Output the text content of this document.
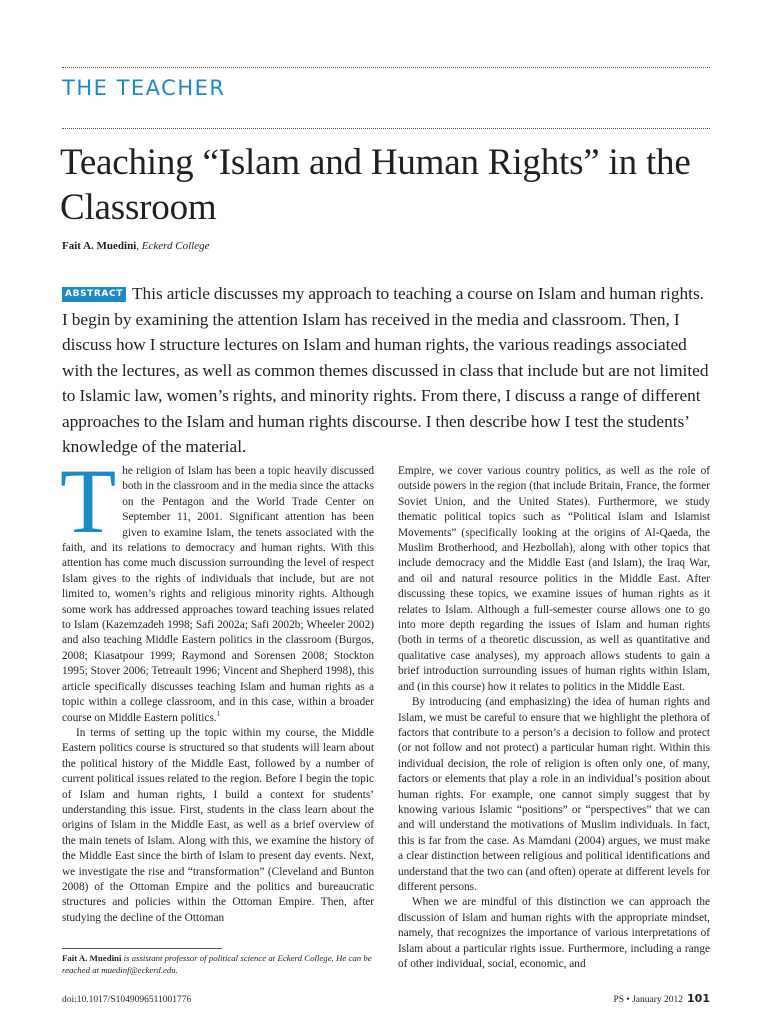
THE TEACHER
Teaching “Islam and Human Rights” in the Classroom

Fait A. Muedini, Eckerd College

ABSTRACT This article discusses my approach to teaching a course on Islam and human rights. I begin by examining the attention Islam has received in the media and classroom. Then, I discuss how I structure lectures on Islam and human rights, the various readings associated with the lectures, as well as common themes discussed in class that include but are not limited to Islamic law, women’s rights, and minority rights. From there, I discuss a range of different approaches to the Islam and human rights discourse. I then describe how I test the students’ knowledge of the material.

The religion of Islam has been a topic heavily discussed both in the classroom and in the media since the attacks on the Pentagon and the World Trade Center on September 11, 2001. Significant attention has been given to examine Islam, the tenets associated with the faith, and its relations to democracy and human rights. With this attention has come much discussion surrounding the level of respect Islam gives to the rights of individuals that include, but are not limited to, women’s rights and religious minority rights. Although some work has addressed approaches toward teaching issues related to Islam (Kazemzadeh 1998; Safi 2002a; Safi 2002b; Wheeler 2002) and also teaching Middle Eastern politics in the classroom (Burgos, 2008; Kiasatpour 1999; Raymond and Sorensen 2008; Stockton 1995; Stover 2006; Tetreault 1996; Vincent and Shepherd 1998), this article specifically discusses teaching Islam and human rights as a topic within a college classroom, and in this case, within a broader course on Middle Eastern politics.$^1$

In terms of setting up the topic within my course, the Middle Eastern politics course is structured so that students will learn about the political history of the Middle East, followed by a number of current political issues related to the region. Before I begin the topic of Islam and human rights, I build a context for students’ understanding this issue. First, students in the class learn about the origins of Islam in the Middle East, as well as a brief overview of the main tenets of Islam. Along with this, we examine the history of the Middle East since the birth of Islam to present day events. Next, we investigate the rise and “transformation” (Cleveland and Bunton 2008) of the Ottoman Empire and the politics and bureaucratic structures and policies within the Ottoman Empire. Then, after studying the decline of the Ottoman

Empire, we cover various country politics, as well as the role of outside powers in the region (that include Britain, France, the former Soviet Union, and the United States). Furthermore, we study thematic political topics such as “Political Islam and Islamist Movements” (specifically looking at the origins of Al-Qaeda, the Muslim Brotherhood, and Hezbollah), along with other topics that include democracy and the Middle East (and Islam), the Iraq War, and oil and natural resource politics in the Middle East. After discussing these topics, we examine issues of human rights as it relates to Islam. Although a full-semester course allows one to go into more depth regarding the issues of Islam and human rights (both in terms of a theoretic discussion, as well as quantitative and qualitative case analyses), my approach allows students to gain a brief introduction surrounding issues of human rights within Islam, and (in this course) how it relates to politics in the Middle East.

By introducing (and emphasizing) the idea of human rights and Islam, we must be careful to ensure that we highlight the plethora of factors that contribute to a person’s a decision to follow and protect (or not follow and not protect) a particular human right. Within this individual decision, the role of religion is often only one, of many, factors or elements that play a role in an individual’s position about human rights. For example, one cannot simply suggest that by knowing various Islamic “positions” or “perspectives” that we can and will understand the motivations of Muslim individuals. In fact, this is far from the case. As Mamdani (2004) argues, we must make a clear distinction between religious and political identifications and understand that the two can (and often) operate at different levels for different persons.

When we are mindful of this distinction we can approach the discussion of Islam and human rights with the appropriate mindset, namely, that recognizes the importance of various interpretations of Islam about a particular rights issue. Furthermore, including a range of other individual, social, economic, and

Fait A. Muedini is assistant professor of political science at Eckerd College. He can be reached at muedinf@eckerd.edu.

doi:10.1017/S1049096511001776	PS • January 2012 101
